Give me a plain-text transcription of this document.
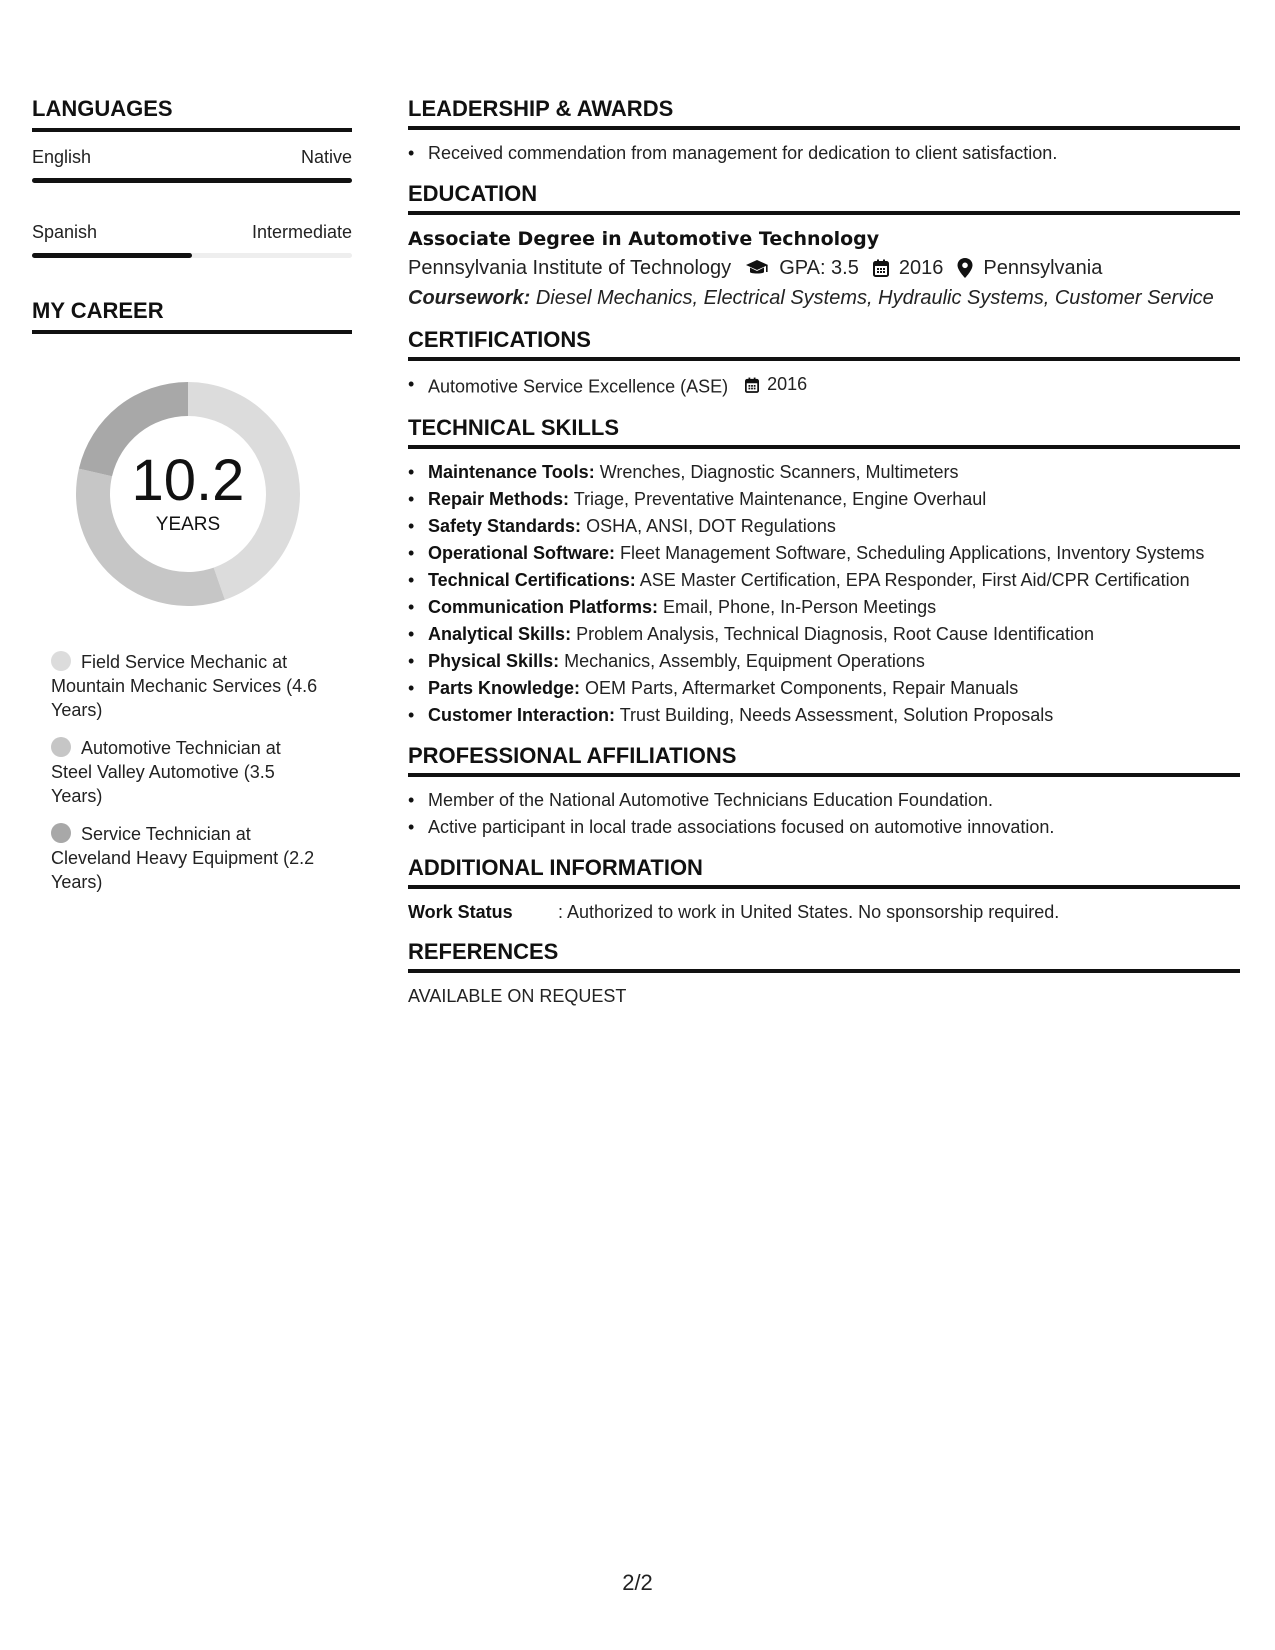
LANGUAGES
English	Native
Spanish	Intermediate
MY CAREER
10.2
YEARS
Field Service Mechanic at Mountain Mechanic Services (4.6 Years)
Automotive Technician at Steel Valley Automotive (3.5 Years)
Service Technician at Cleveland Heavy Equipment (2.2 Years)
LEADERSHIP & AWARDS
• Received commendation from management for dedication to client satisfaction.
EDUCATION
Associate Degree in Automotive Technology
Pennsylvania Institute of Technology GPA: 3.5 2016 Pennsylvania
Coursework: Diesel Mechanics, Electrical Systems, Hydraulic Systems, Customer Service
CERTIFICATIONS
• Automotive Service Excellence (ASE) 2016
TECHNICAL SKILLS
• Maintenance Tools: Wrenches, Diagnostic Scanners, Multimeters
• Repair Methods: Triage, Preventative Maintenance, Engine Overhaul
• Safety Standards: OSHA, ANSI, DOT Regulations
• Operational Software: Fleet Management Software, Scheduling Applications, Inventory Systems
• Technical Certifications: ASE Master Certification, EPA Responder, First Aid/CPR Certification
• Communication Platforms: Email, Phone, In-Person Meetings
• Analytical Skills: Problem Analysis, Technical Diagnosis, Root Cause Identification
• Physical Skills: Mechanics, Assembly, Equipment Operations
• Parts Knowledge: OEM Parts, Aftermarket Components, Repair Manuals
• Customer Interaction: Trust Building, Needs Assessment, Solution Proposals
PROFESSIONAL AFFILIATIONS
• Member of the National Automotive Technicians Education Foundation.
• Active participant in local trade associations focused on automotive innovation.
ADDITIONAL INFORMATION
Work Status	: Authorized to work in United States. No sponsorship required.
REFERENCES
AVAILABLE ON REQUEST
2/2
